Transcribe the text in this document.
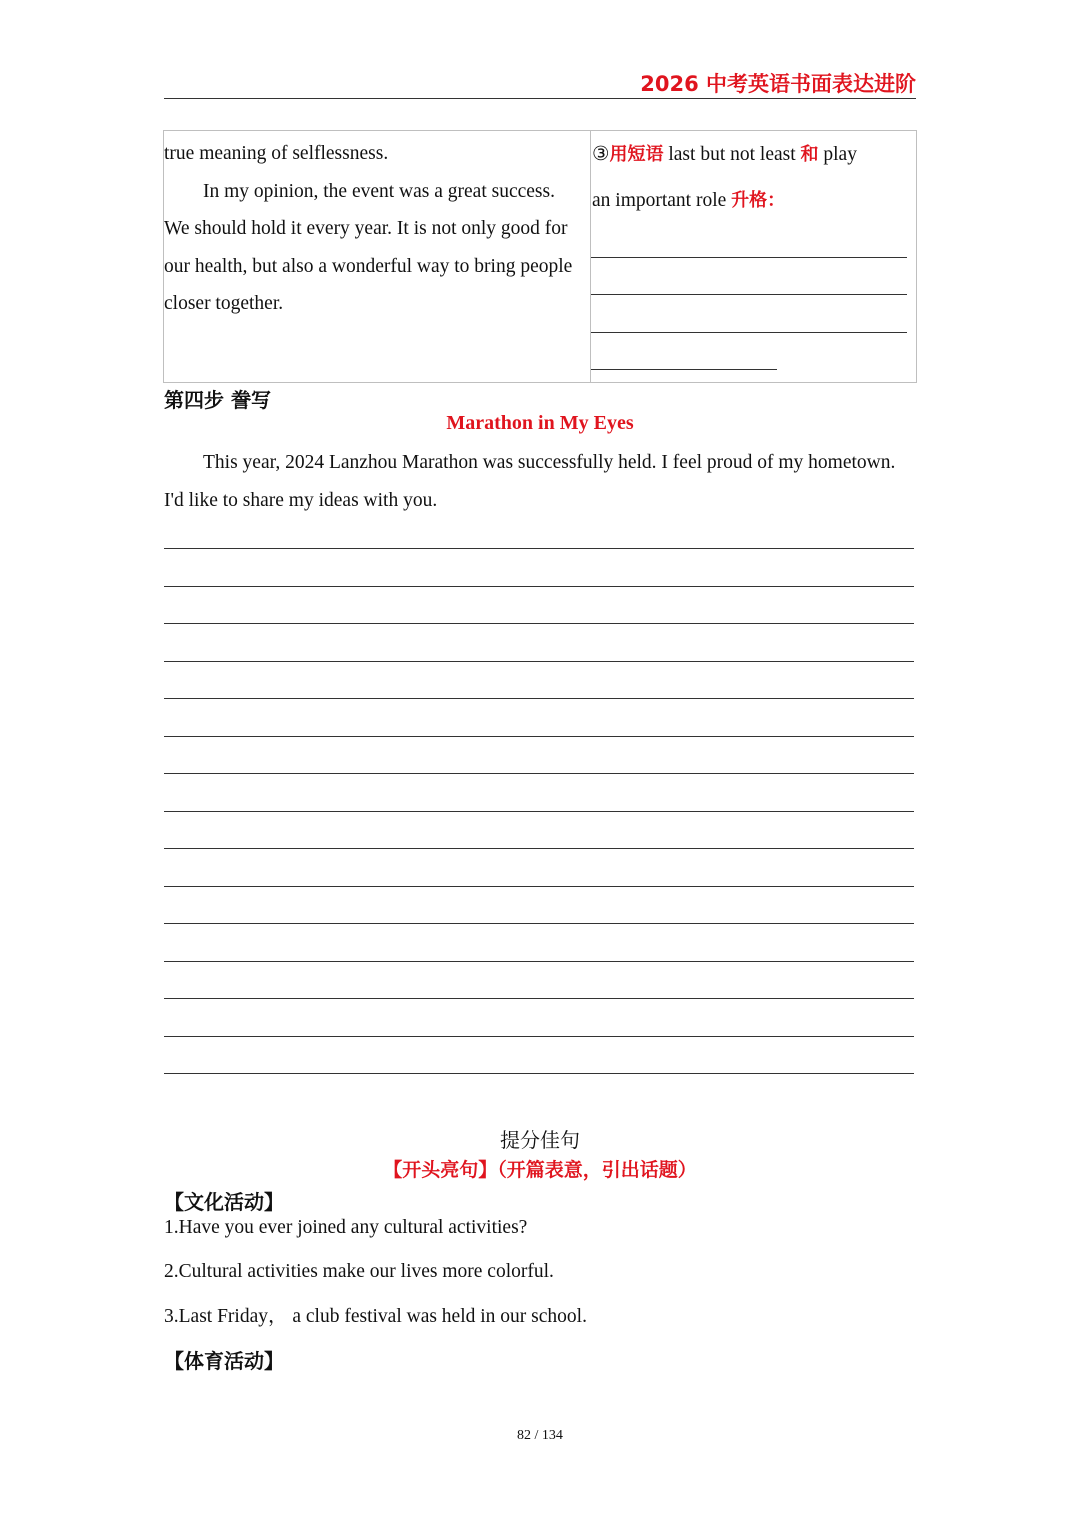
2026 中考英语书面表达进阶

true meaning of selflessness.

In my opinion, the event was a great success. We should hold it every year. It is not only good for our health, but also a wonderful way to bring people closer together.

③用短语 last but not least 和 play
an important role 升格：
第四步 誊写
Marathon in My Eyes

This year, 2024 Lanzhou Marathon was successfully held. I feel proud of my hometown. I'd like to share my ideas with you.

提分佳句
【开头亮句】（开篇表意，引出话题）
【文化活动】
1.Have you ever joined any cultural activities?
2.Cultural activities make our lives more colorful.
3.Last Friday， a club festival was held in our school.
【体育活动】
82 / 134
